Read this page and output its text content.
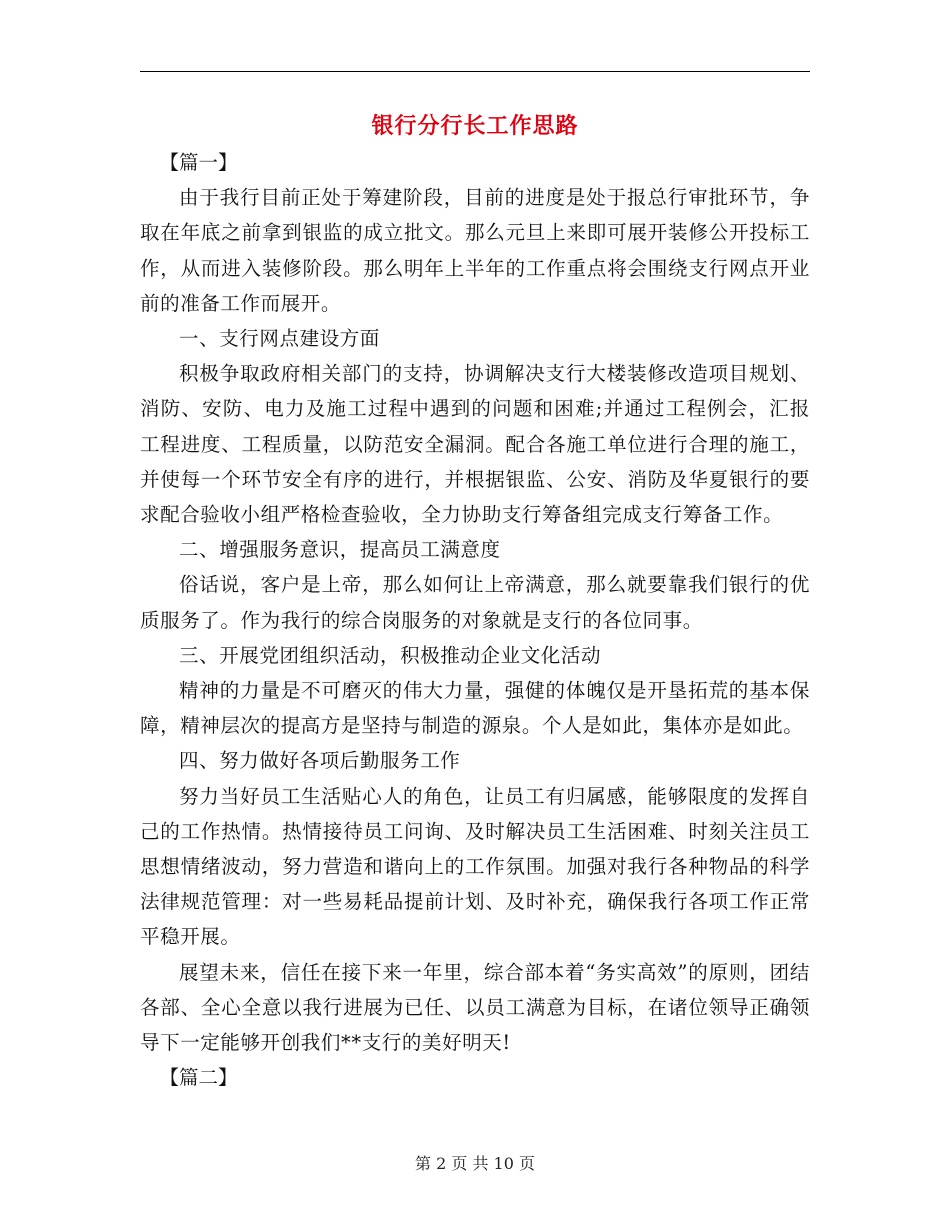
银行分行长工作思路

【篇一】

由于我行目前正处于筹建阶段，目前的进度是处于报总行审批环节，争取在年底之前拿到银监的成立批文。那么元旦上来即可展开装修公开投标工作，从而进入装修阶段。那么明年上半年的工作重点将会围绕支行网点开业前的准备工作而展开。

一、支行网点建设方面

积极争取政府相关部门的支持，协调解决支行大楼装修改造项目规划、消防、安防、电力及施工过程中遇到的问题和困难;并通过工程例会，汇报工程进度、工程质量，以防范安全漏洞。配合各施工单位进行合理的施工，并使每一个环节安全有序的进行，并根据银监、公安、消防及华夏银行的要求配合验收小组严格检查验收，全力协助支行筹备组完成支行筹备工作。

二、增强服务意识，提高员工满意度

俗话说，客户是上帝，那么如何让上帝满意，那么就要靠我们银行的优质服务了。作为我行的综合岗服务的对象就是支行的各位同事。

三、开展党团组织活动，积极推动企业文化活动

精神的力量是不可磨灭的伟大力量，强健的体魄仅是开垦拓荒的基本保障，精神层次的提高方是坚持与制造的源泉。个人是如此，集体亦是如此。

四、努力做好各项后勤服务工作

努力当好员工生活贴心人的角色，让员工有归属感，能够限度的发挥自己的工作热情。热情接待员工问询、及时解决员工生活困难、时刻关注员工思想情绪波动，努力营造和谐向上的工作氛围。加强对我行各种物品的科学法律规范管理：对一些易耗品提前计划、及时补充，确保我行各项工作正常平稳开展。

展望未来，信任在接下来一年里，综合部本着“务实高效”的原则，团结各部、全心全意以我行进展为已任、以员工满意为目标，在诸位领导正确领导下一定能够开创我们**支行的美好明天!

【篇二】

第 2 页 共 10 页
